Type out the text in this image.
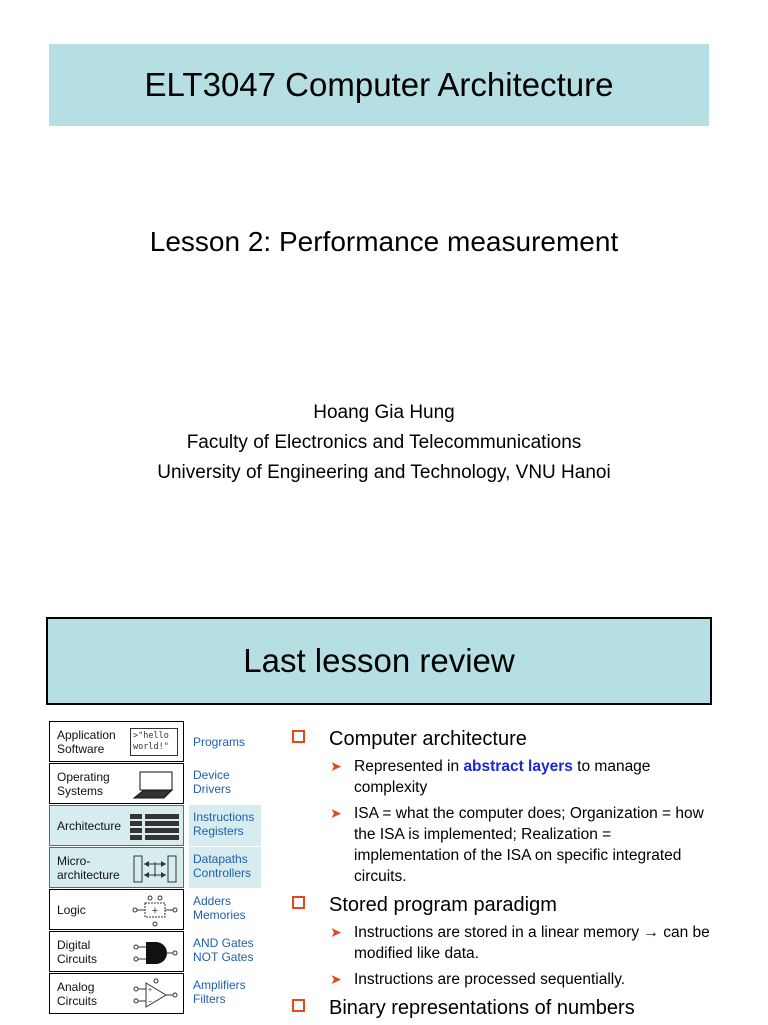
ELT3047 Computer Architecture
Lesson 2: Performance measurement
Hoang Gia Hung
Faculty of Electronics and Telecommunications
University of Engineering and Technology, VNU Hanoi
Last lesson review
Application
Software
>"hello
world!"	Programs
Operating
Systems
Device
Drivers
Architecture
Instructions
Registers
Micro-
architecture
Datapaths
Controllers
Logic	+
Adders
Memories
Digital
Circuits
AND Gates
NOT Gates
Analog
Circuits
+
−
Amplifiers
Filters
Computer architecture
➤ Represented in abstract layers to manage complexity
➤ ISA = what the computer does; Organization = how the ISA is implemented; Realization = implementation of the ISA on specific integrated circuits.
Stored program paradigm
➤ Instructions are stored in a linear memory → can be modified like data.
➤ Instructions are processed sequentially.
Binary representations of numbers
